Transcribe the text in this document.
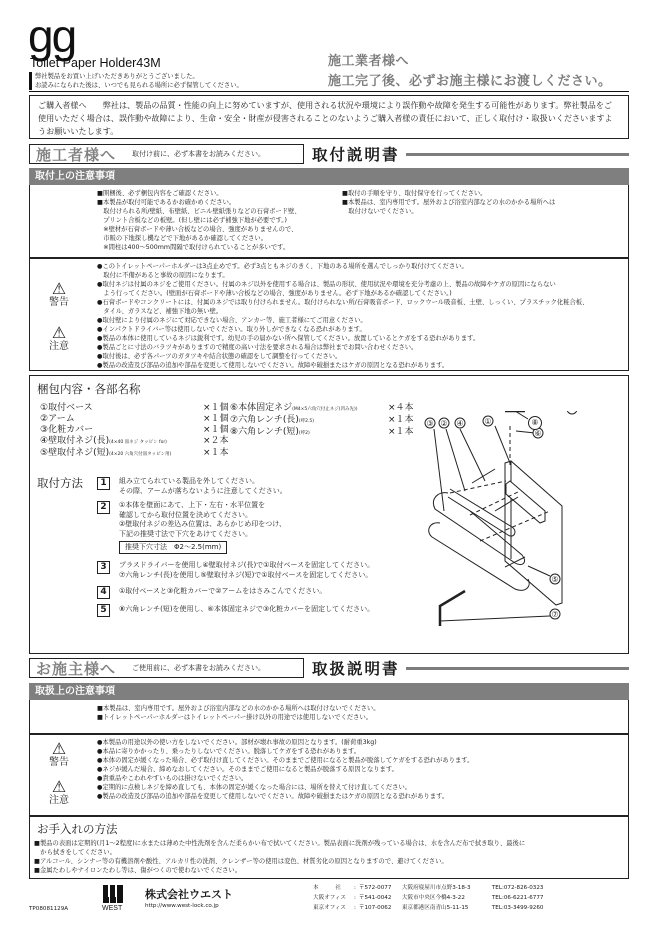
gg
Toilet Paper Holder43M
弊社製品をお買い上げいただきありがとうございました。
お読みになられた後は、いつでも見られる場所に必ず保管してください。
施工業者様へ
施工完了後、必ずお施主様にお渡しください。
ご購入者様へ　　弊社は、製品の品質・性能の向上に努めていますが、使用される状況や環境により誤作動や故障を発生する可能性があります。弊社製品をご使用いただく場合は、誤作動や故障により、生命・安全・財産が侵害されることのないようご購入者様の責任において、正しく取付け・取扱いくださいますようお願いいたします。
施工者様へ 取付け前に、必ず本書をお読みください。	取付説明書
取付上の注意事項
■開梱後、必ず梱包内容をご確認ください。
■本製品が取付可能であるかお確かめください。
　取付けられる所/壁紙、布壁紙、ビニル壁紙張りなどの石膏ボード壁、
　プリント合板などの板壁。(但し壁には必ず補強下地が必要です。)
　※壁材が石膏ボードや薄い合板などの場合、強度がありませんので、
　市販の下地探し機などで下地があるか確認してください。
　※間柱は400〜500mm間隔で取付けられていることが多いです。
■取付の手順を守り、取付保守を行ってください。
■本製品は、室内専用です。屋外および浴室内部などの水のかかる場所へは
　取付けないでください。
⚠
警告
●このトイレットペーパーホルダーは3点止めです。必ず3点ともネジのきく、下地のある場所を選んでしっかり取付けてください。
　取付に不備があると事故の原因になります。
●取付ネジは付属のネジをご使用ください。付属のネジ以外を使用する場合は、製品の形状、使用状況や環境を充分考慮の上、製品の故障やケガの原因にならない
　よう行ってください。(壁面が石膏ボードや薄い合板などの場合、強度がありません。必ず下地があるか確認してください。)
●石膏ボードやコンクリートには、付属のネジでは取り付けられません。取付けられない所/石膏吸音ボード、ロックウール吸音板、土壁、しっくい、プラスチック化粧合板、
　タイル、ガラスなど、補強下地の無い壁。
⚠
注意
●取付壁により付属のネジにて対応できない場合、アンカー等、施工者様にてご用意ください。
●インパクトドライバー等は使用しないでください。取り外しができなくなる恐れがあります。
●製品の本体に使用しているネジは鋭利です。幼児の手の届かない所へ保管してください。放置しているとケガをする恐れがあります。
●製品ごとに寸法のバラツキがありますので精度の高い寸法を要求される場合は弊社までお問い合わせください。
●取付後は、必ず各パーツのガタツキや結合状態の確認をして調整を行ってください。
●製品の改造及び部品の追加や部品を変更して使用しないでください。故障や破損またはケガの原因となる恐れがあります。
梱包内容・各部名称
①取付ベース	×１個
②アーム	×１個
③化粧カバー	×１個
④壁取付ネジ(長)(4×40 皿ネジ タッピン for)	×２本
⑤壁取付ネジ(短)(4×20 六角穴付皿タッピン用)	×１本
⑥本体固定ネジ(M4×5六角穴付止ネジ(凹み先))	×４本
⑦六角レンチ(長)(呼2.5)	×１本
⑧六角レンチ(短)(呼2)	×１本
取付方法	1	組み立てられている製品を外してください。
その際、アームが落ちないように注意してください。
2	①本体を壁面にあて、上下・左右・水平位置を
確認してから取付位置を決めてください。
②壁取付ネジの差込み位置は、あらかじめ印をつけ、
下記の推奨寸法で下穴をあけてください。
推奨下穴寸法　Φ2〜2.5(mm)
3	プラスドライバーを使用し④壁取付ネジ(長)で①取付ベースを固定してください。
⑦六角レンチ(長)を使用し⑤壁取付ネジ(短)で①取付ベースを固定してください。
4	①取付ベースと③化粧カバーで②アームをはさみこんでください。
5	⑧六角レンチ(短)を使用し、⑥本体固定ネジで③化粧カバーを固定してください。
③ ② ④	①
⑥
⑤
⑦
⑧
お施主様へ ご使用前に、必ず本書をお読みください。	取扱説明書
取扱上の注意事項
■本製品は、室内専用です。屋外および浴室内部などの水のかかる場所へは取付けないでください。
■トイレットペーパーホルダーはトイレットペーパー掛け以外の用途では使用しないでください。
⚠
警告
●本製品の用途以外の使い方をしないでください。部材が壊れ事故の原因となります。(耐荷重3kg)
●本品に寄りかかったり、乗ったりしないでください。脱落してケガをする恐れがあります。
●本体の固定が緩くなった場合、必ず取付け直してください。そのままでご使用になると製品が脱落してケガをする恐れがあります。
●ネジが緩んだ場合、締めなおしてください。そのままでご使用になると製品が脱落する原因となります。
●貴重品やこわれやすいものは掛けないでください。
●定期的に点検しネジを締め直しても、本体の固定が緩くなった場合には、場所を替えて付け直してください。
●製品の改造及び部品の追加や部品を変更して使用しないでください。故障や破損またはケガの原因となる恐れがあります。
⚠
注意
お手入れの方法
■製品の表面は定期的(月1〜2程度)に水または薄めた中性洗剤を含んだ柔らかい布で拭いてください。製品表面に洗剤が残っている場合は、水を含んだ布で拭き取り、最後に
　から拭きをしてください。
■アルコール、シンナー等の有機溶剤や酸性、アルカリ性の洗剤、クレンザー等の使用は変色、材質劣化の原因となりますので、避けてください。
■金属たわしやナイロンたわし等は、傷がつくので使わないでください。
TP08081129A	WEST
株式会社ウエスト
http://www.west-lock.co.jp
本　　　社	: 〒572-0077	大阪府寝屋川市点野3-18-3	TEL:072-826-0323
大阪オフィス	: 〒541-0042	大阪市中央区今橋4-3-22	TEL:06-6221-6777
東京オフィス	: 〒107-0062	東京都港区南青山5-11-15	TEL:03-3499-9260
